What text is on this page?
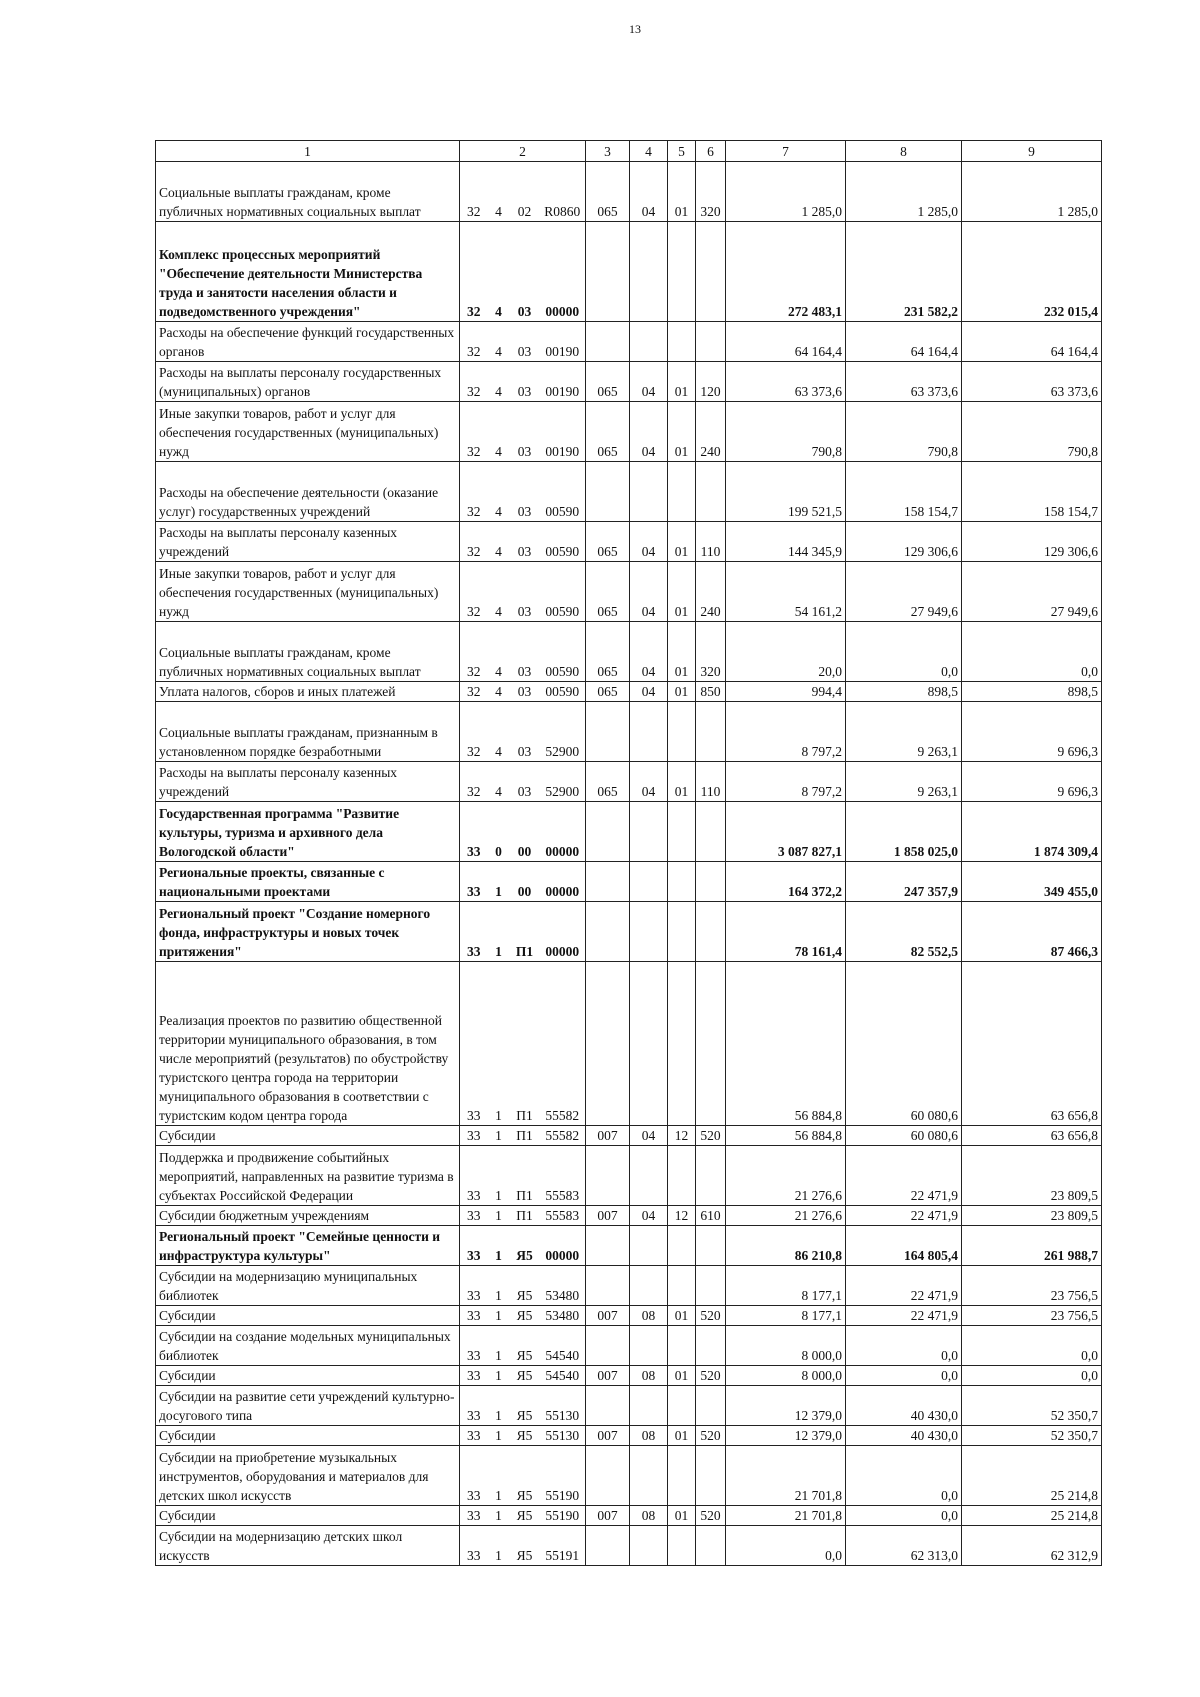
13
1	2				3	4	5	6	7	8	9
Социальные выплаты гражданам, кроме публичных нормативных социальных выплат	32	4	02	R0860	065	04	01	320	1 285,0	1 285,0	1 285,0
Комплекс процессных мероприятий "Обеспечение деятельности Министерства труда и занятости населения области и подведомственного учреждения"	32	4	03	00000					272 483,1	231 582,2	232 015,4
Расходы на обеспечение функций государственных органов	32	4	03	00190					64 164,4	64 164,4	64 164,4
Расходы на выплаты персоналу государственных (муниципальных) органов	32	4	03	00190	065	04	01	120	63 373,6	63 373,6	63 373,6
Иные закупки товаров, работ и услуг для обеспечения государственных (муниципальных) нужд	32	4	03	00190	065	04	01	240	790,8	790,8	790,8
Расходы на обеспечение деятельности (оказание услуг) государственных учреждений	32	4	03	00590					199 521,5	158 154,7	158 154,7
Расходы на выплаты персоналу казенных учреждений	32	4	03	00590	065	04	01	110	144 345,9	129 306,6	129 306,6
Иные закупки товаров, работ и услуг для обеспечения государственных (муниципальных) нужд	32	4	03	00590	065	04	01	240	54 161,2	27 949,6	27 949,6
Социальные выплаты гражданам, кроме публичных нормативных социальных выплат	32	4	03	00590	065	04	01	320	20,0	0,0	0,0
Уплата налогов, сборов и иных платежей	32	4	03	00590	065	04	01	850	994,4	898,5	898,5
Социальные выплаты гражданам, признанным в установленном порядке безработными	32	4	03	52900					8 797,2	9 263,1	9 696,3
Расходы на выплаты персоналу казенных учреждений	32	4	03	52900	065	04	01	110	8 797,2	9 263,1	9 696,3
Государственная программа "Развитие культуры, туризма и архивного дела Вологодской области"	33	0	00	00000					3 087 827,1	1 858 025,0	1 874 309,4
Региональные проекты, связанные с национальными проектами	33	1	00	00000					164 372,2	247 357,9	349 455,0
Региональный проект "Создание номерного фонда, инфраструктуры и новых точек притяжения"	33	1	П1	00000					78 161,4	82 552,5	87 466,3
Реализация проектов по развитию общественной территории муниципального образования, в том числе мероприятий (результатов) по обустройству туристского центра города на территории муниципального образования в соответствии с туристским кодом центра города	33	1	П1	55582					56 884,8	60 080,6	63 656,8
Субсидии	33	1	П1	55582	007	04	12	520	56 884,8	60 080,6	63 656,8
Поддержка и продвижение событийных мероприятий, направленных на развитие туризма в субъектах Российской Федерации	33	1	П1	55583					21 276,6	22 471,9	23 809,5
Субсидии бюджетным учреждениям	33	1	П1	55583	007	04	12	610	21 276,6	22 471,9	23 809,5
Региональный проект "Семейные ценности и инфраструктура культуры"	33	1	Я5	00000					86 210,8	164 805,4	261 988,7
Субсидии на модернизацию муниципальных библиотек	33	1	Я5	53480					8 177,1	22 471,9	23 756,5
Субсидии	33	1	Я5	53480	007	08	01	520	8 177,1	22 471,9	23 756,5
Субсидии на создание модельных муниципальных библиотек	33	1	Я5	54540					8 000,0	0,0	0,0
Субсидии	33	1	Я5	54540	007	08	01	520	8 000,0	0,0	0,0
Субсидии на развитие сети учреждений культурно-досугового типа	33	1	Я5	55130					12 379,0	40 430,0	52 350,7
Субсидии	33	1	Я5	55130	007	08	01	520	12 379,0	40 430,0	52 350,7
Субсидии на приобретение музыкальных инструментов, оборудования и материалов для детских школ искусств	33	1	Я5	55190					21 701,8	0,0	25 214,8
Субсидии	33	1	Я5	55190	007	08	01	520	21 701,8	0,0	25 214,8
Субсидии на модернизацию детских школ искусств	33	1	Я5	55191					0,0	62 313,0	62 312,9
